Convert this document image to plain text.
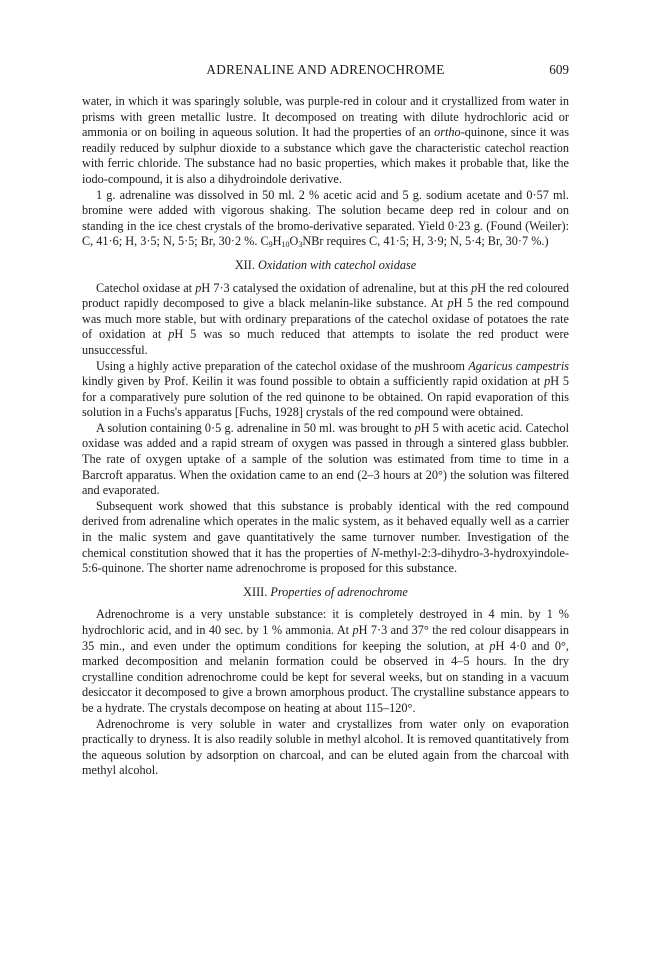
ADRENALINE AND ADRENOCHROME	609

water, in which it was sparingly soluble, was purple-red in colour and it crystallized from water in prisms with green metallic lustre. It decomposed on treating with dilute hydrochloric acid or ammonia or on boiling in aqueous solution. It had the properties of an ortho-quinone, since it was readily reduced by sulphur dioxide to a substance which gave the characteristic catechol reaction with ferric chloride. The substance had no basic properties, which makes it probable that, like the iodo-compound, it is also a dihydroindole derivative.

1 g. adrenaline was dissolved in 50 ml. 2 % acetic acid and 5 g. sodium acetate and 0·57 ml. bromine were added with vigorous shaking. The solution became deep red in colour and on standing in the ice chest crystals of the bromo-derivative separated. Yield 0·23 g. (Found (Weiler): C, 41·6; H, 3·5; N, 5·5; Br, 30·2 %. $C_9H_{10}O_3NBr$ requires C, 41·5; H, 3·9; N, 5·4; Br, 30·7 %.)

XII. Oxidation with catechol oxidase

Catechol oxidase at pH 7·3 catalysed the oxidation of adrenaline, but at this pH the red coloured product rapidly decomposed to give a black melanin-like substance. At pH 5 the red compound was much more stable, but with ordinary preparations of the catechol oxidase of potatoes the rate of oxidation at pH 5 was so much reduced that attempts to isolate the red product were unsuccessful.

Using a highly active preparation of the catechol oxidase of the mushroom Agaricus campestris kindly given by Prof. Keilin it was found possible to obtain a sufficiently rapid oxidation at pH 5 for a comparatively pure solution of the red quinone to be obtained. On rapid evaporation of this solution in a Fuchs's apparatus [Fuchs, 1928] crystals of the red compound were obtained.

A solution containing 0·5 g. adrenaline in 50 ml. was brought to pH 5 with acetic acid. Catechol oxidase was added and a rapid stream of oxygen was passed in through a sintered glass bubbler. The rate of oxygen uptake of a sample of the solution was estimated from time to time in a Barcroft apparatus. When the oxidation came to an end (2–3 hours at 20°) the solution was filtered and evaporated.

Subsequent work showed that this substance is probably identical with the red compound derived from adrenaline which operates in the malic system, as it behaved equally well as a carrier in the malic system and gave quantitatively the same turnover number. Investigation of the chemical constitution showed that it has the properties of N-methyl-2:3-dihydro-3-hydroxyindole-5:6-quinone. The shorter name adrenochrome is proposed for this substance.

XIII. Properties of adrenochrome

Adrenochrome is a very unstable substance: it is completely destroyed in 4 min. by 1 % hydrochloric acid, and in 40 sec. by 1 % ammonia. At pH 7·3 and 37° the red colour disappears in 35 min., and even under the optimum conditions for keeping the solution, at pH 4·0 and 0°, marked decomposition and melanin formation could be observed in 4–5 hours. In the dry crystalline condition adrenochrome could be kept for several weeks, but on standing in a vacuum desiccator it decomposed to give a brown amorphous product. The crystalline substance appears to be a hydrate. The crystals decompose on heating at about 115–120°.

Adrenochrome is very soluble in water and crystallizes from water only on evaporation practically to dryness. It is also readily soluble in methyl alcohol. It is removed quantitatively from the aqueous solution by adsorption on charcoal, and can be eluted again from the charcoal with methyl alcohol.
